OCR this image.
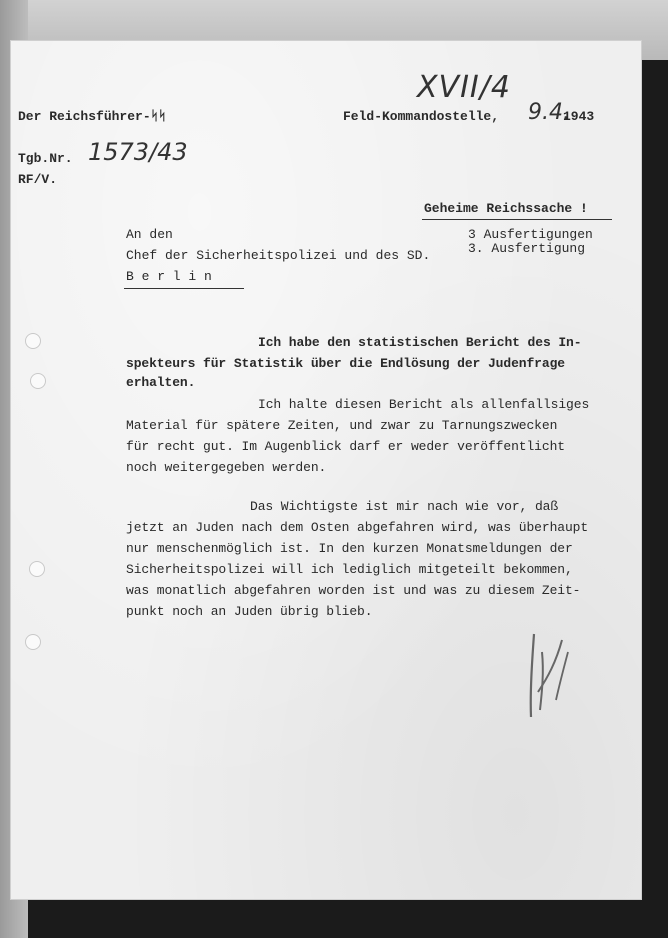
XVII/4
Der Reichsführer-ᛋᛋ	Feld-Kommandostelle, 9.4.
1943
Tgb.Nr. 1573/43
RF/V.
Geheime Reichssache !
3 Ausfertigungen
3. Ausfertigung
An den
Chef der Sicherheitspolizei und des SD.
B e r l i n
Ich habe den statistischen Bericht des In-
spekteurs für Statistik über die Endlösung der Judenfrage
erhalten.
Ich halte diesen Bericht als allenfallsiges
Material für spätere Zeiten, und zwar zu Tarnungszwecken
für recht gut. Im Augenblick darf er weder veröffentlicht
noch weitergegeben werden.
Das Wichtigste ist mir nach wie vor, daß
jetzt an Juden nach dem Osten abgefahren wird, was überhaupt
nur menschenmöglich ist. In den kurzen Monatsmeldungen der
Sicherheitspolizei will ich lediglich mitgeteilt bekommen,
was monatlich abgefahren worden ist und was zu diesem Zeit-
punkt noch an Juden übrig blieb.
